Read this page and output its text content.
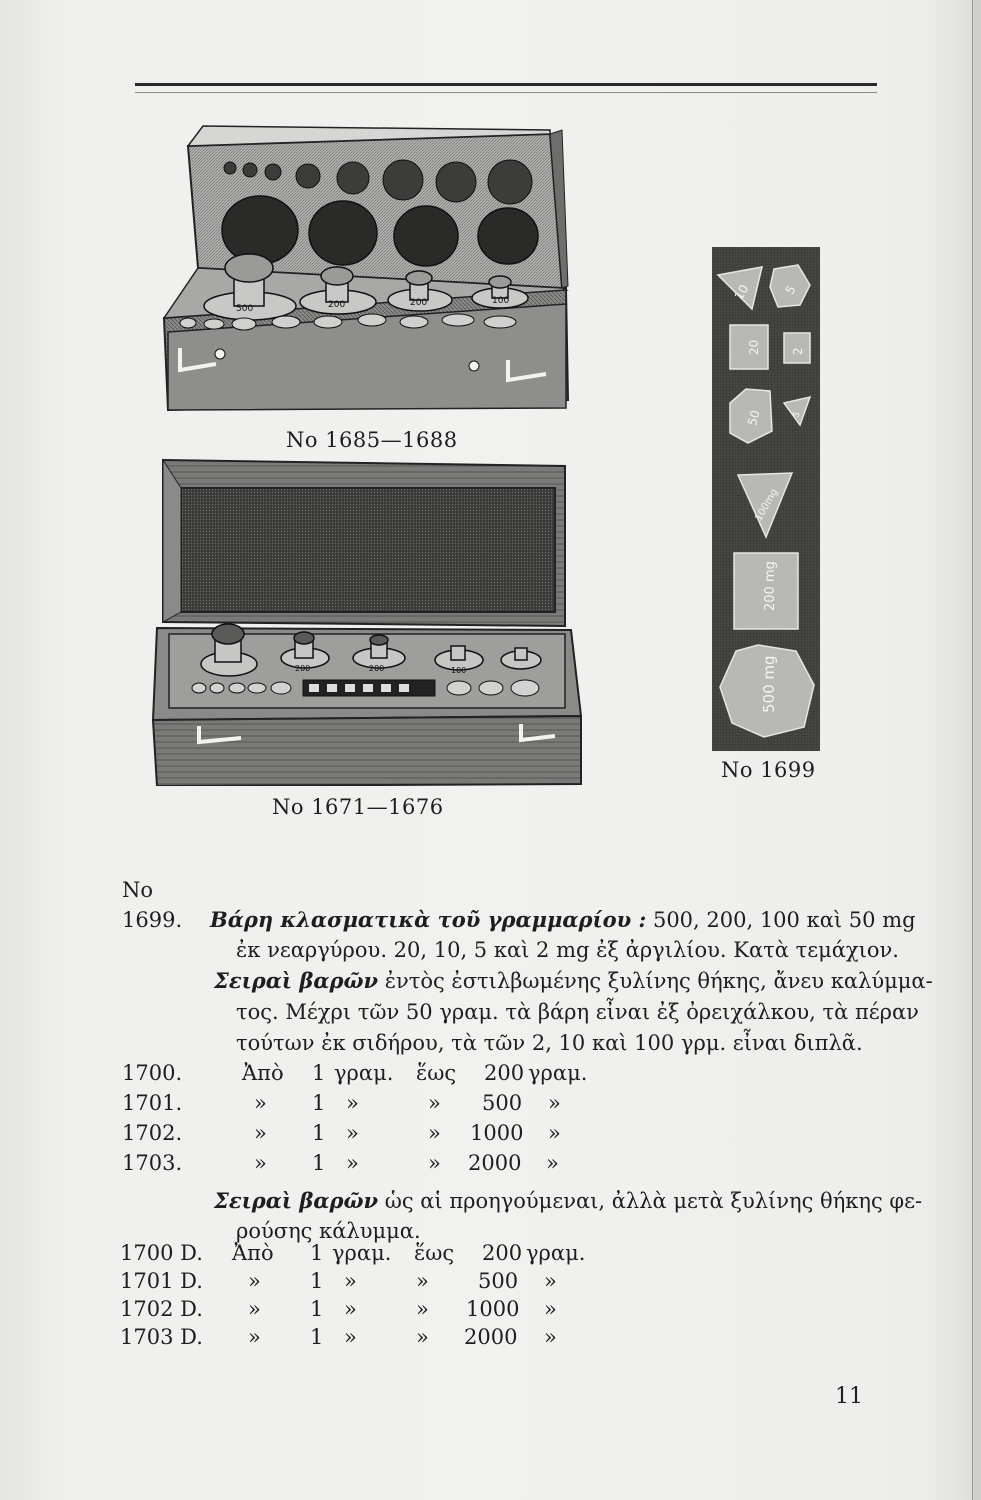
500	200	200	100
No 1685—1688
200	200	100
No 1671—1676
10	5
20	2
50	5
100mg
200 mg
500 mg
No 1699
No
1699. Βάρη κλασματικὰ τοῦ γραμμαρίου : 500, 200, 100 καὶ 50 mg
ἐκ νεαργύρου. 20, 10, 5 καὶ 2 mg ἐξ ἀργιλίου. Κατὰ τεμάχιον.
Σειραὶ βαρῶν ἐντὸς ἐστιλβωμένης ξυλίνης θήκης, ἄνευ καλύμμα-
τος. Μέχρι τῶν 50 γραμ. τὰ βάρη εἶναι ἐξ ὀρειχάλκου, τὰ πέραν
τούτων ἐκ σιδήρου, τὰ τῶν 2, 10 καὶ 100 γρμ. εἶναι διπλᾶ.
1700.	Ἀπὸ 1 γραμ. ἕως 200 γραμ.
1701.	» 1 »	» 500 »
1702.	» 1 »	» 1000 »
1703.	» 1 »	» 2000 »
Σειραὶ βαρῶν ὡς αἱ προηγούμεναι, ἀλλὰ μετὰ ξυλίνης θήκης φε-
ρούσης κάλυμμα.
1700 D. Ἀπὸ 1 γραμ. ἕως 200 γραμ.
1701 D. » 1 »	» 500 »
1702 D. » 1 »	» 1000 »
1703 D. » 1 »	» 2000 »
11
